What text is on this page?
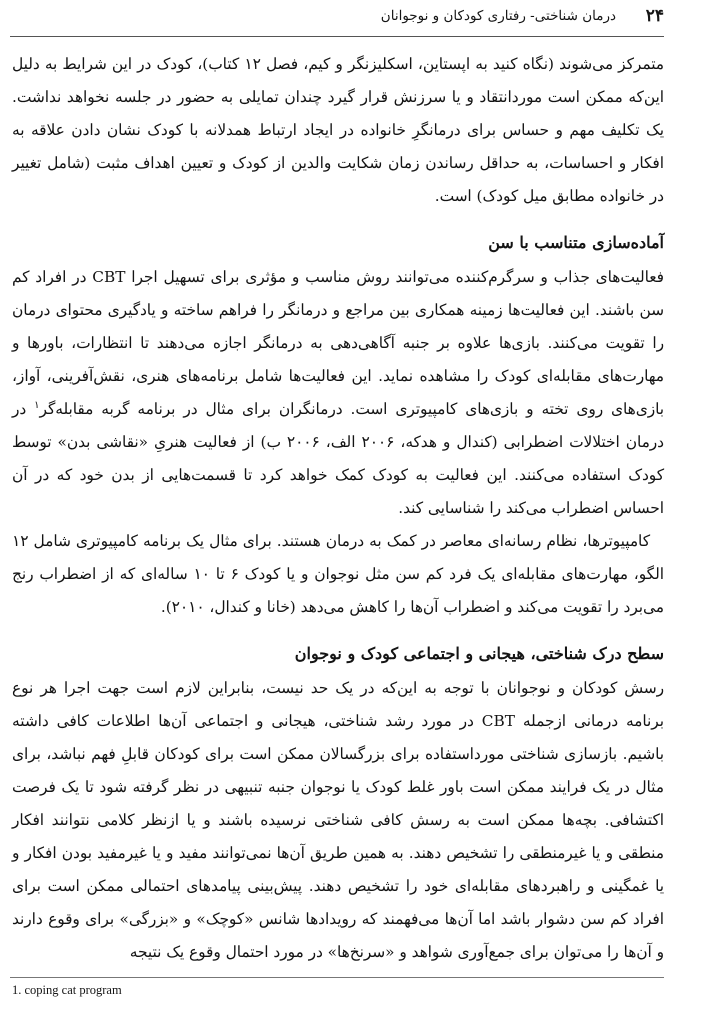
۲۴
درمان شناختی- رفتاری کودکان و نوجوانان

متمرکز می‌شوند (نگاه کنید به اپستاین، اسکلیزنگر و کیم، فصل ۱۲ کتاب)، کودک در این شرایط به دلیل این‌که ممکن است موردانتقاد و یا سرزنش قرار گیرد چندان تمایلی به حضور در جلسه نخواهد نداشت. یک تکلیف مهم و حساس برای درمانگرِ خانواده در ایجاد ارتباط همدلانه با کودک نشان دادن علاقه به افکار و احساسات، به حداقل رساندن زمان شکایت والدین از کودک و تعیین اهداف مثبت (شامل تغییر در خانواده مطابق میل کودک) است.

آماده‌سازی متناسب با سن

فعالیت‌های جذاب و سرگرم‌کننده می‌توانند روش مناسب و مؤثری برای تسهیل اجرا CBT در افراد کم سن باشند. این فعالیت‌ها زمینه همکاری بین مراجع و درمانگر را فراهم ساخته و یادگیری محتوای درمان را تقویت می‌کنند. بازی‌ها علاوه بر جنبه آگاهی‌دهی به درمانگر اجازه می‌دهند تا انتظارات، باورها و مهارت‌های مقابله‌ای کودک را مشاهده نماید. این فعالیت‌ها شامل برنامه‌های هنری، نقش‌آفرینی، آواز، بازی‌های روی تخته و بازی‌های کامپیوتری است. درمانگران برای مثال در برنامه گربه مقابله‌گر$^۱$ در درمان اختلالات اضطرابی (کندال و هدکه، ۲۰۰۶ الف، ۲۰۰۶ ب) از فعالیت هنریِ «نقاشی بدن» توسط کودک استفاده می‌کنند. این فعالیت به کودک کمک خواهد کرد تا قسمت‌هایی از بدن خود که در آن احساس اضطراب می‌کند را شناسایی کند.

کامپیوترها، نظام رسانه‌ای معاصر در کمک به درمان هستند. برای مثال یک برنامه کامپیوتری شامل ۱۲ الگو، مهارت‌های مقابله‌ای یک فرد کم سن مثل نوجوان و یا کودک ۶ تا ۱۰ ساله‌ای که از اضطراب رنج می‌برد را تقویت می‌کند و اضطراب آن‌ها را کاهش می‌دهد (خانا و کندال، ۲۰۱۰).

سطح درک شناختی، هیجانی و اجتماعی کودک و نوجوان

رسش کودکان و نوجوانان با توجه به این‌که در یک حد نیست، بنابراین لازم است جهت اجرا هر نوع برنامه درمانی ازجمله CBT در مورد رشد شناختی، هیجانی و اجتماعی آن‌ها اطلاعات کافی داشته باشیم. بازسازی شناختی مورداستفاده برای بزرگسالان ممکن است برای کودکان قابلِ فهم نباشد، برای مثال در یک فرایند ممکن است باور غلط کودک یا نوجوان جنبه تنبیهی در نظر گرفته شود تا یک فرصت اکتشافی. بچه‌ها ممکن است به رسش کافی شناختی نرسیده باشند و یا ازنظر کلامی نتوانند افکار منطقی و یا غیرمنطقی را تشخیص دهند. به همین طریق آن‌ها نمی‌توانند مفید و یا غیرمفید بودن افکار و یا غمگینی و راهبردهای مقابله‌ای خود را تشخیص دهند. پیش‌بینی پیامدهای احتمالی ممکن است برای افراد کم سن دشوار باشد اما آن‌ها می‌فهمند که رویدادها شانس «کوچک» و «بزرگی» برای وقوع دارند و آن‌ها را می‌توان برای جمع‌آوری شواهد و «سرنخ‌ها» در مورد احتمال وقوع یک نتیجه

1. coping cat program
